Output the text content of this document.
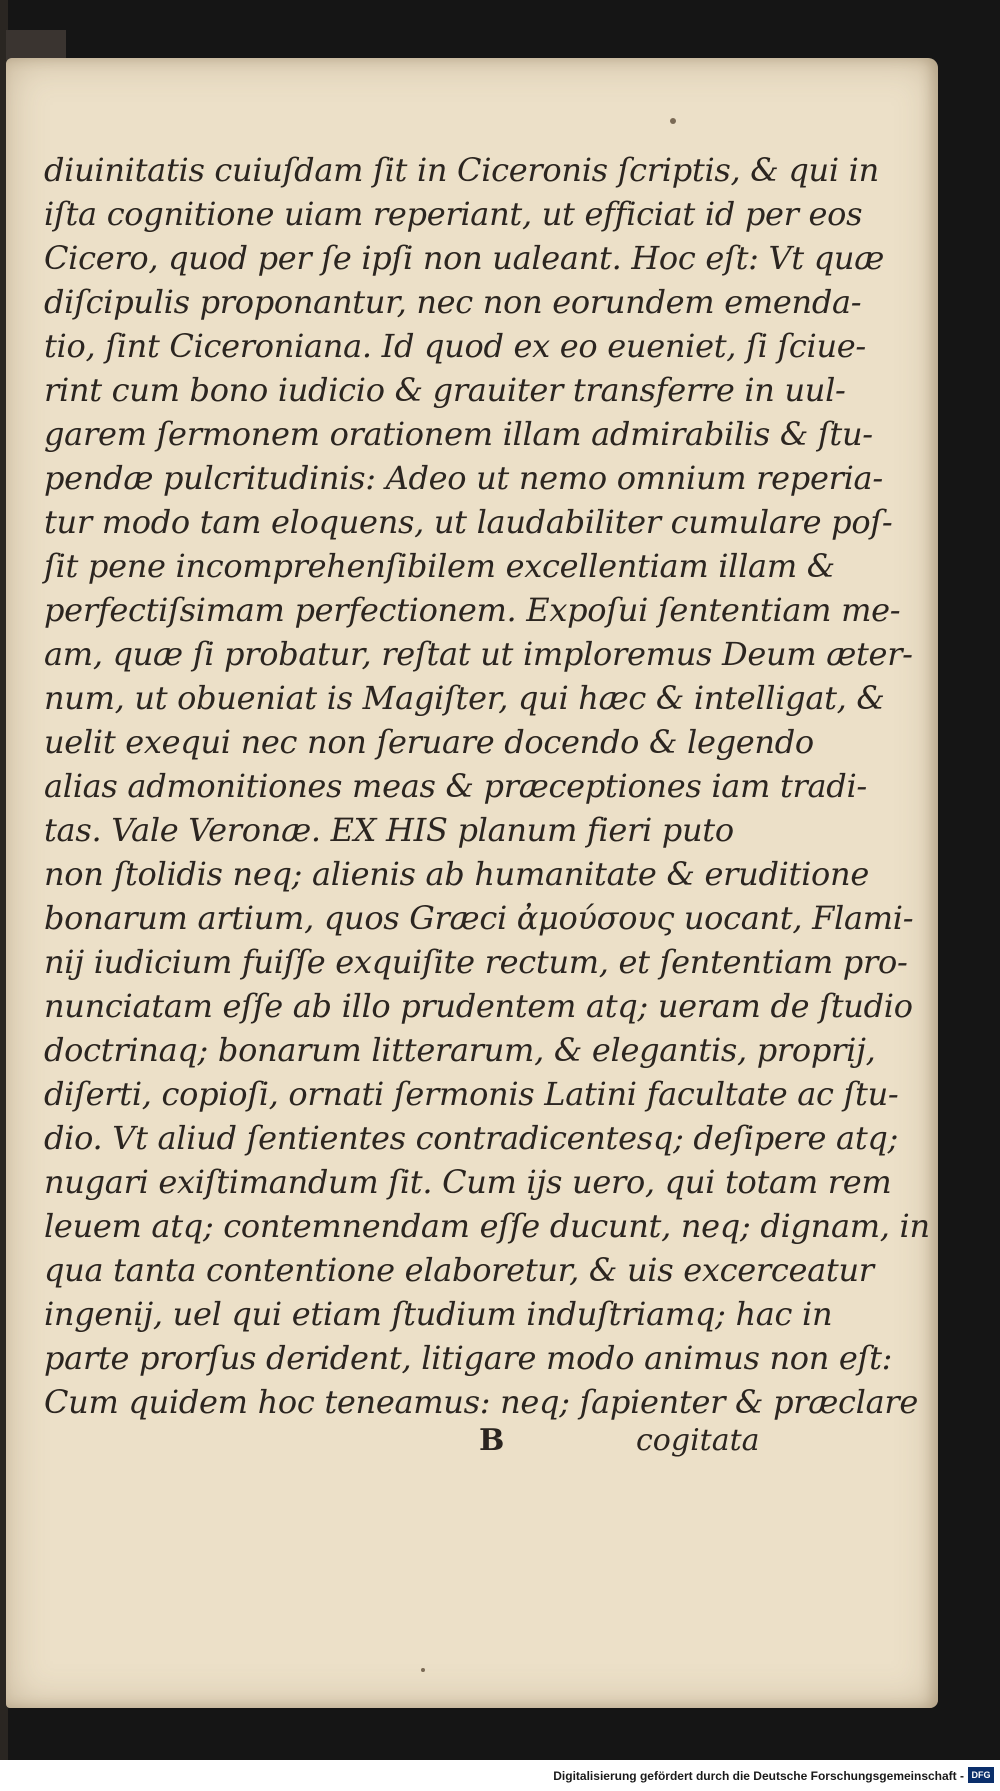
diuinitatis cuiuſdam ſit in Ciceronis ſcriptis, & qui in
iſta cognitione uiam reperiant, ut efficiat id per eos
Cicero, quod per ſe ipſi non ualeant. Hoc eſt: Vt quæ
diſcipulis proponantur, nec non eorundem emenda-
tio, ſint Ciceroniana. Id quod ex eo eueniet, ſi ſciue-
rint cum bono iudicio & grauiter transferre in uul-
garem ſermonem orationem illam admirabilis & ſtu-
pendæ pulcritudinis: Adeo ut nemo omnium reperia-
tur modo tam eloquens, ut laudabiliter cumulare poſ-
ſit pene incomprehenſibilem excellentiam illam &
perfectiſsimam perfectionem. Expoſui ſententiam me-
am, quæ ſi probatur, reſtat ut imploremus Deum æter-
num, ut obueniat is Magiſter, qui hæc & intelligat, &
uelit exequi nec non ſeruare docendo & legendo
alias admonitiones meas & præceptiones iam tradi-
tas. Vale Veronæ. EX HIS planum fieri puto
non ſtolidis neq; alienis ab humanitate & eruditione
bonarum artium, quos Græci ἀμούσους uocant, Flami-
nij iudicium fuiſſe exquiſite rectum, et ſententiam pro-
nunciatam eſſe ab illo prudentem atq; ueram de ſtudio
doctrinaq; bonarum litterarum, & elegantis, proprij,
diſerti, copioſi, ornati ſermonis Latini facultate ac ſtu-
dio. Vt aliud ſentientes contradicentesq; deſipere atq;
nugari exiſtimandum ſit. Cum ijs uero, qui totam rem
leuem atq; contemnendam eſſe ducunt, neq; dignam, in
qua tanta contentione elaboretur, & uis excerceatur
ingenij, uel qui etiam ſtudium induſtriamq; hac in
parte prorſus derident, litigare modo animus non eſt:
Cum quidem hoc teneamus: neq; ſapienter & præclare
B	cogitata
Digitalisierung gefördert durch die Deutsche Forschungsgemeinschaft - DFG
